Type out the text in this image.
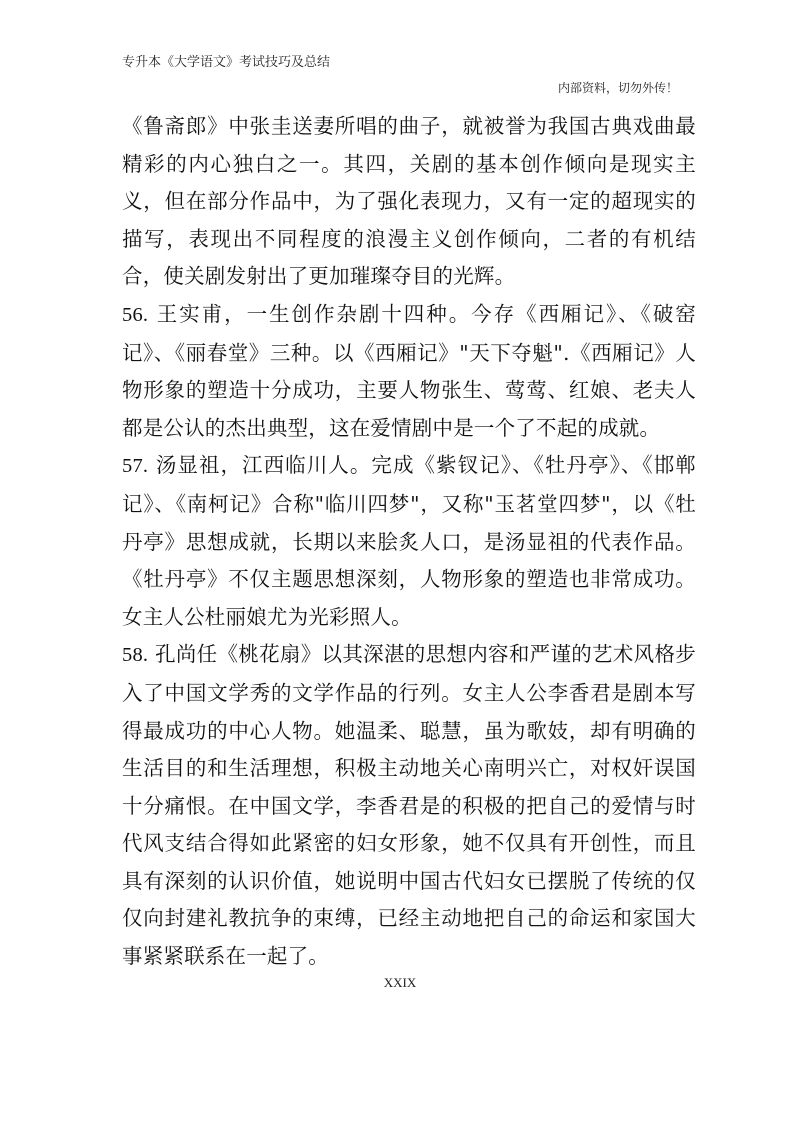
专升本《大学语文》考试技巧及总结
内部资料，切勿外传！

《鲁斋郎》中张圭送妻所唱的曲子，就被誉为我国古典戏曲最精彩的内心独白之一。其四，关剧的基本创作倾向是现实主义，但在部分作品中，为了强化表现力，又有一定的超现实的描写，表现出不同程度的浪漫主义创作倾向，二者的有机结合，使关剧发射出了更加璀璨夺目的光辉。

56. 王实甫，一生创作杂剧十四种。今存《西厢记》、《破窑记》、《丽春堂》三种。以《西厢记》"天下夺魁".《西厢记》人物形象的塑造十分成功，主要人物张生、莺莺、红娘、老夫人都是公认的杰出典型，这在爱情剧中是一个了不起的成就。

57. 汤显祖，江西临川人。完成《紫钗记》、《牡丹亭》、《邯郸记》、《南柯记》合称"临川四梦"，又称"玉茗堂四梦"，以《牡丹亭》思想成就，长期以来脍炙人口，是汤显祖的代表作品。《牡丹亭》不仅主题思想深刻，人物形象的塑造也非常成功。女主人公杜丽娘尤为光彩照人。

58. 孔尚任《桃花扇》以其深湛的思想内容和严谨的艺术风格步入了中国文学秀的文学作品的行列。女主人公李香君是剧本写得最成功的中心人物。她温柔、聪慧，虽为歌妓，却有明确的生活目的和生活理想，积极主动地关心南明兴亡，对权奸误国十分痛恨。在中国文学，李香君是的积极的把自己的爱情与时代风支结合得如此紧密的妇女形象，她不仅具有开创性，而且具有深刻的认识价值，她说明中国古代妇女已摆脱了传统的仅仅向封建礼教抗争的束缚，已经主动地把自己的命运和家国大事紧紧联系在一起了。

XXIX
